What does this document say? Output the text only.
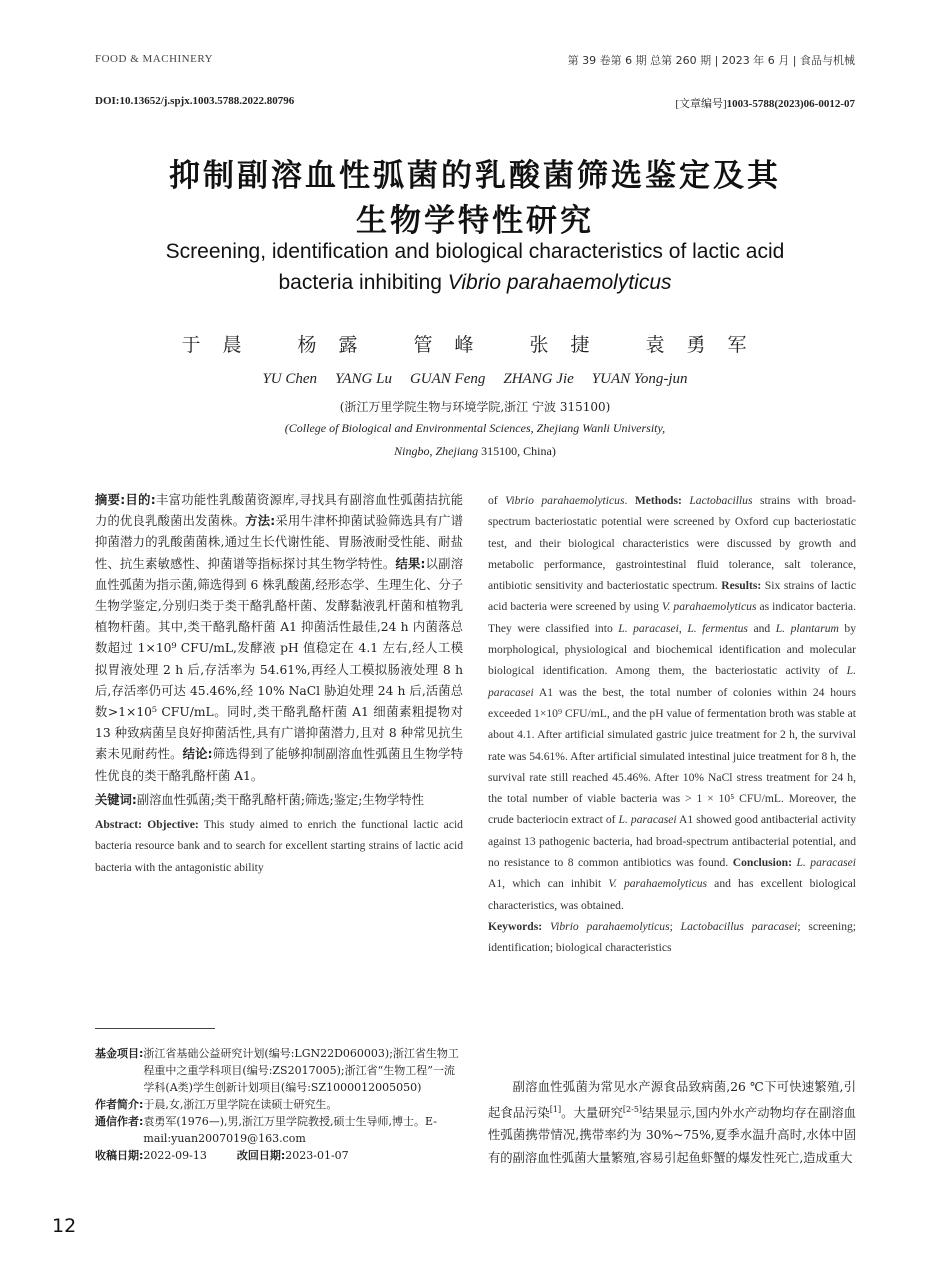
FOOD & MACHINERY	第 39 卷第 6 期 总第 260 期 | 2023 年 6 月 | 食品与机械
DOI:10.13652/j.spjx.1003.5788.2022.80796	[文章编号]1003-5788(2023)06-0012-07
抑制副溶血性弧菌的乳酸菌筛选鉴定及其
生物学特性研究
Screening, identification and biological characteristics of lactic acid
bacteria inhibiting Vibrio parahaemolyticus
于晨 杨露 管峰 张捷 袁勇军
YU Chen YANG Lu GUAN Feng ZHANG Jie YUAN Yong-jun
(浙江万里学院生物与环境学院,浙江 宁波 315100)
(College of Biological and Environmental Sciences, Zhejiang Wanli University,
Ningbo, Zhejiang 315100, China)

摘要:目的:丰富功能性乳酸菌资源库,寻找具有副溶血性弧菌拮抗能力的优良乳酸菌出发菌株。方法:采用牛津杯抑菌试验筛选具有广谱抑菌潜力的乳酸菌菌株,通过生长代谢性能、胃肠液耐受性能、耐盐性、抗生素敏感性、抑菌谱等指标探讨其生物学特性。结果:以副溶血性弧菌为指示菌,筛选得到 6 株乳酸菌,经形态学、生理生化、分子生物学鉴定,分别归类于类干酪乳酪杆菌、发酵黏液乳杆菌和植物乳植物杆菌。其中,类干酪乳酪杆菌 A1 抑菌活性最佳,24 h 内菌落总数超过 1×10⁹ CFU/mL,发酵液 pH 值稳定在 4.1 左右,经人工模拟胃液处理 2 h 后,存活率为 54.61%,再经人工模拟肠液处理 8 h 后,存活率仍可达 45.46%,经 10% NaCl 胁迫处理 24 h 后,活菌总数>1×10⁵ CFU/mL。同时,类干酪乳酪杆菌 A1 细菌素粗提物对 13 种致病菌呈良好抑菌活性,具有广谱抑菌潜力,且对 8 种常见抗生素未见耐药性。结论:筛选得到了能够抑制副溶血性弧菌且生物学特性优良的类干酪乳酪杆菌 A1。

关键词:副溶血性弧菌;类干酪乳酪杆菌;筛选;鉴定;生物学特性

Abstract: Objective: This study aimed to enrich the functional lactic acid bacteria resource bank and to search for excellent starting strains of lactic acid bacteria with the antagonistic ability

of Vibrio parahaemolyticus. Methods: Lactobacillus strains with broad-spectrum bacteriostatic potential were screened by Oxford cup bacteriostatic test, and their biological characteristics were discussed by growth and metabolic performance, gastrointestinal fluid tolerance, salt tolerance, antibiotic sensitivity and bacteriostatic spectrum. Results: Six strains of lactic acid bacteria were screened by using V. parahaemolyticus as indicator bacteria. They were classified into L. paracasei, L. fermentus and L. plantarum by morphological, physiological and biochemical identification and molecular biological identification. Among them, the bacteriostatic activity of L. paracasei A1 was the best, the total number of colonies within 24 hours exceeded 1×10⁹ CFU/mL, and the pH value of fermentation broth was stable at about 4.1. After artificial simulated gastric juice treatment for 2 h, the survival rate was 54.61%. After artificial simulated intestinal juice treatment for 8 h, the survival rate still reached 45.46%. After 10% NaCl stress treatment for 24 h, the total number of viable bacteria was > 1 × 10⁵ CFU/mL. Moreover, the crude bacteriocin extract of L. paracasei A1 showed good antibacterial activity against 13 pathogenic bacteria, had broad-spectrum antibacterial potential, and no resistance to 8 common antibiotics was found. Conclusion: L. paracasei A1, which can inhibit V. parahaemolyticus and has excellent biological characteristics, was obtained.

Keywords: Vibrio parahaemolyticus; Lactobacillus paracasei; screening; identification; biological characteristics

基金项目: 浙江省基础公益研究计划(编号:LGN22D060003);浙江省生物工程重中之重学科项目(编号:ZS2017005);浙江省“生物工程”一流学科(A类)学生创新计划项目(编号:SZ1000012005050)
作者简介: 于晨,女,浙江万里学院在读硕士研究生。
通信作者: 袁勇军(1976—),男,浙江万里学院教授,硕士生导师,博士。E-mail:yuan2007019@163.com
收稿日期:2022-09-13	改回日期:2023-01-07

副溶血性弧菌为常见水产源食品致病菌,26 ℃下可快速繁殖,引起食品污染[1]。大量研究[2-5]结果显示,国内外水产动物均存在副溶血性弧菌携带情况,携带率约为 30%~75%,夏季水温升高时,水体中固有的副溶血性弧菌大量繁殖,容易引起鱼虾蟹的爆发性死亡,造成重大

12
